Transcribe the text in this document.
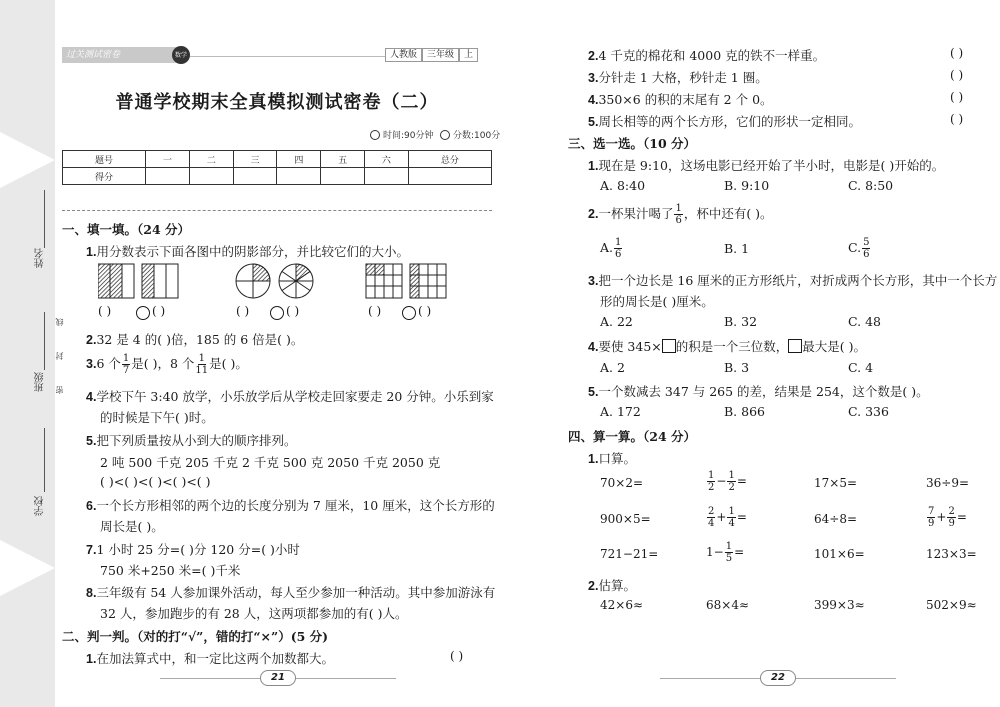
姓名
班级
学校
线
封
密
过关测试密卷	数学	人教版	三年级	上
普通学校期末全真模拟测试密卷（二）
时间:90分钟	分数:100分
题号	一	二	三	四	五	六	总分
得分							
一、填一填。（24 分）
1.用分数表示下面各图中的阴影部分，并比较它们的大小。
( )	( )	( )	( )	( )	( )
2.32 是 4 的( )倍，185 的 6 倍是( )。
3.6 个 $\frac{1}{7}$ 是( )，8 个 $\frac{1}{11}$ 是( )。
4.学校下午 3:40 放学，小乐放学后从学校走回家要走 20 分钟。小乐到家
的时候是下午( )时。
5.把下列质量按从小到大的顺序排列。
2 吨 500 千克 205 千克 2 千克 500 克 2050 千克 2050 克
( )<( )<( )<( )<( )
6.一个长方形相邻的两个边的长度分别为 7 厘米，10 厘米，这个长方形的
周长是( )。
7.1 小时 25 分=( )分 120 分=( )小时
750 米+250 米=( )千米
8.三年级有 54 人参加课外活动，每人至少参加一种活动。其中参加游泳有
32 人，参加跑步的有 28 人，这两项都参加的有( )人。
二、判一判。（对的打“√”，错的打“×”）(5 分)
1.在加法算式中，和一定比这两个加数都大。	( )
21
2.4 千克的棉花和 4000 克的铁不一样重。	( )
3.分针走 1 大格，秒针走 1 圈。	( )
4.350×6 的积的末尾有 2 个 0。	( )
5.周长相等的两个长方形，它们的形状一定相同。	( )
三、选一选。（10 分）
1.现在是 9:10，这场电影已经开始了半小时，电影是( )开始的。
A. 8:40	B. 9:10	C. 8:50
2.一杯果汁喝了 $\frac{1}{6}$ ，杯中还有( )。
A. $\frac{1}{6}$	B. 1	C. $\frac{5}{6}$
3.把一个边长是 16 厘米的正方形纸片，对折成两个长方形，其中一个长方
形的周长是( )厘米。
A. 22	B. 32	C. 48
4.要使 345× 的积是一个三位数， 最大是( )。
A. 2	B. 3	C. 4
5.一个数减去 347 与 265 的差，结果是 254，这个数是( )。
A. 172	B. 866	C. 336
四、算一算。（24 分）
1.口算。
70×2=	$\frac{1}{2} - \frac{1}{2}$ =	17×5=	36÷9=
900×5=	$\frac{2}{4} + \frac{1}{4}$ =	64÷8=	$\frac{7}{9} + \frac{2}{9}$ =
721−21=	$1- \frac{1}{5}$ =	101×6=	123×3=
2.估算。
42×6≈	68×4≈	399×3≈	502×9≈
22
